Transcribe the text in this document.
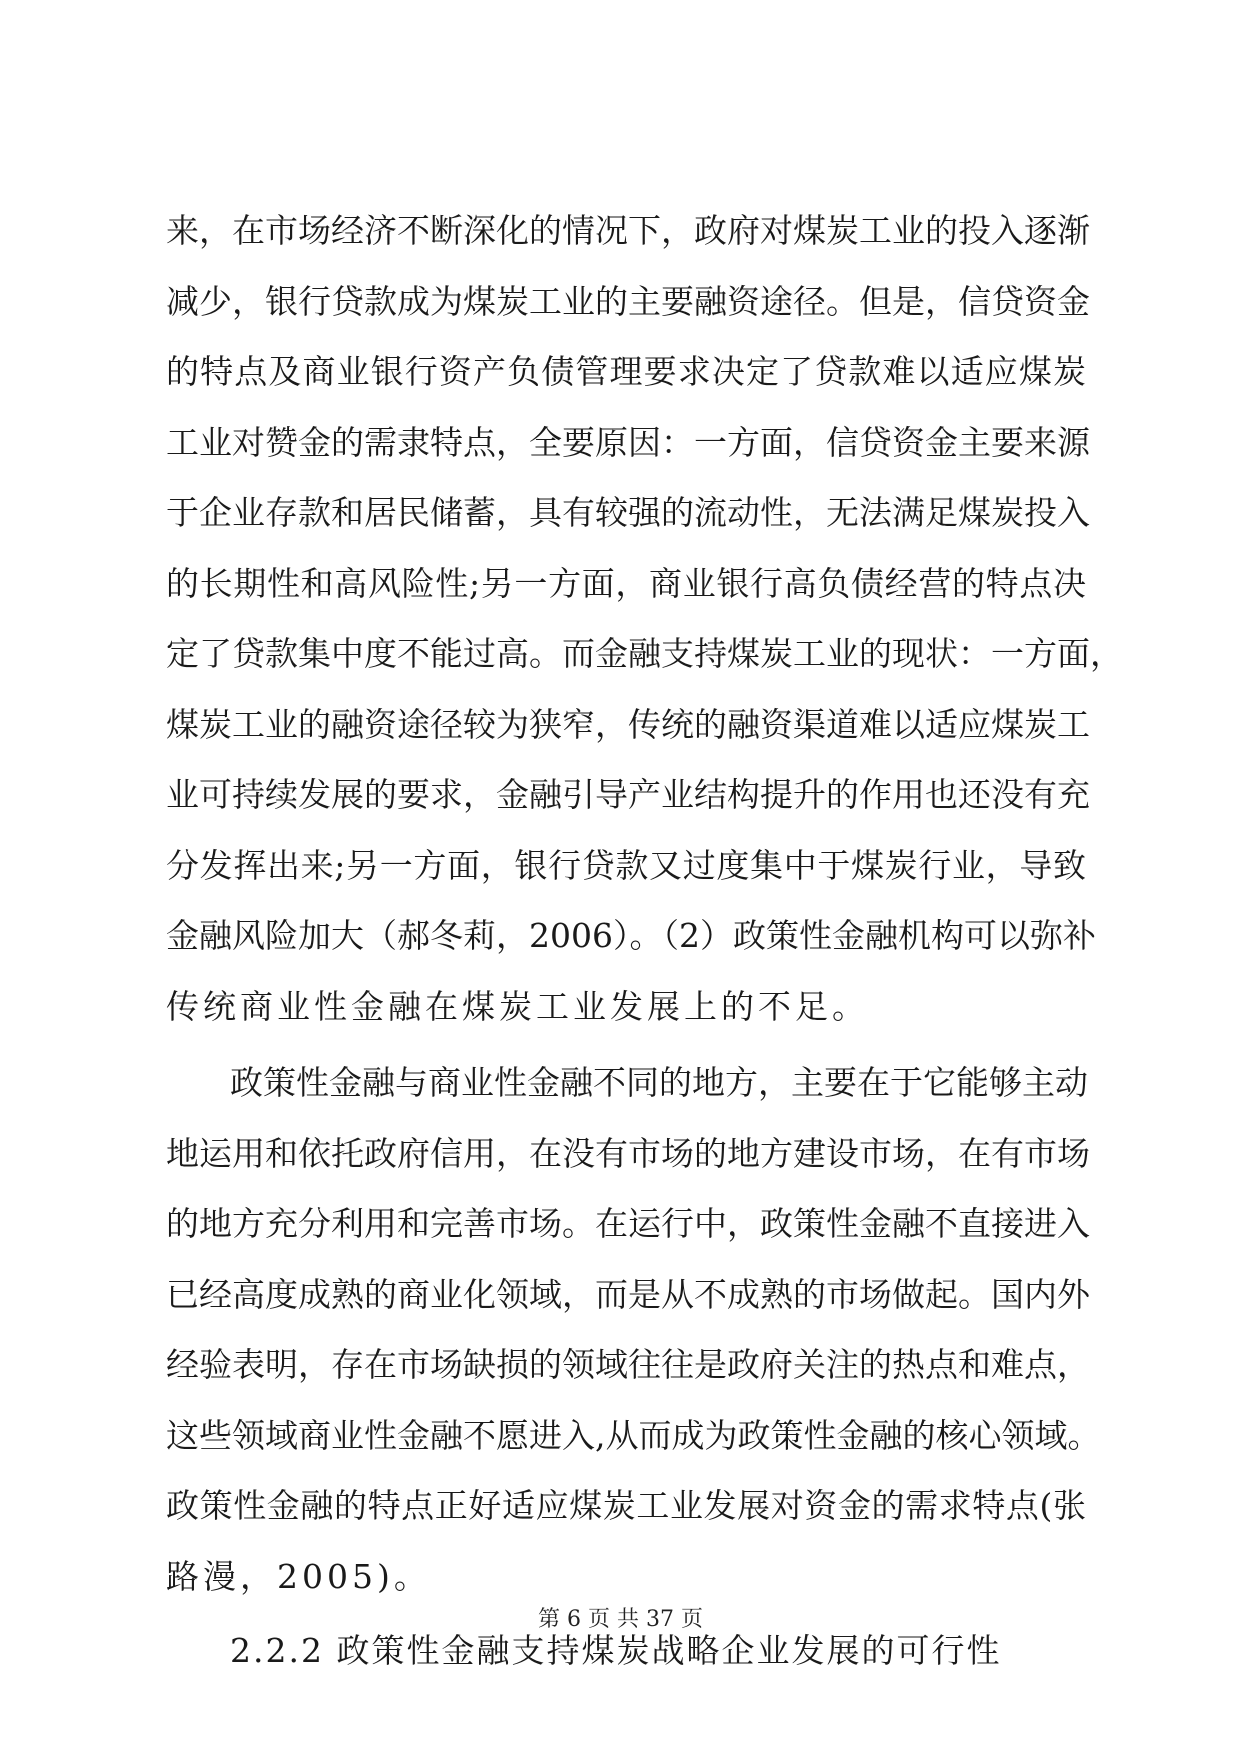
来，在市场经济不断深化的情况下，政府对煤炭工业的投入逐渐
减少，银行贷款成为煤炭工业的主要融资途径。但是，信贷资金
的特点及商业银行资产负债管理要求决定了贷款难以适应煤炭
工业对赞金的需隶特点，全要原因：一方面，信贷资金主要来源
于企业存款和居民储蓄，具有较强的流动性，无法满足煤炭投入
的长期性和高风险性;另一方面，商业银行高负债经营的特点决
定了贷款集中度不能过高。而金融支持煤炭工业的现状：一方面，
煤炭工业的融资途径较为狭窄，传统的融资渠道难以适应煤炭工
业可持续发展的要求，金融引导产业结构提升的作用也还没有充
分发挥出来;另一方面，银行贷款又过度集中于煤炭行业，导致
金融风险加大（郝冬莉，2006）。（2）政策性金融机构可以弥补
传统商业性金融在煤炭工业发展上的不足。
政策性金融与商业性金融不同的地方，主要在于它能够主动
地运用和依托政府信用，在没有市场的地方建设市场，在有市场
的地方充分利用和完善市场。在运行中，政策性金融不直接进入
已经高度成熟的商业化领域，而是从不成熟的市场做起。国内外
经验表明，存在市场缺损的领域往往是政府关注的热点和难点，
这些领域商业性金融不愿进入,从而成为政策性金融的核心领域。
政策性金融的特点正好适应煤炭工业发展对资金的需求特点(张
路漫，2005)。
2.2.2 政策性金融支持煤炭战略企业发展的可行性
第 6 页 共 37 页
